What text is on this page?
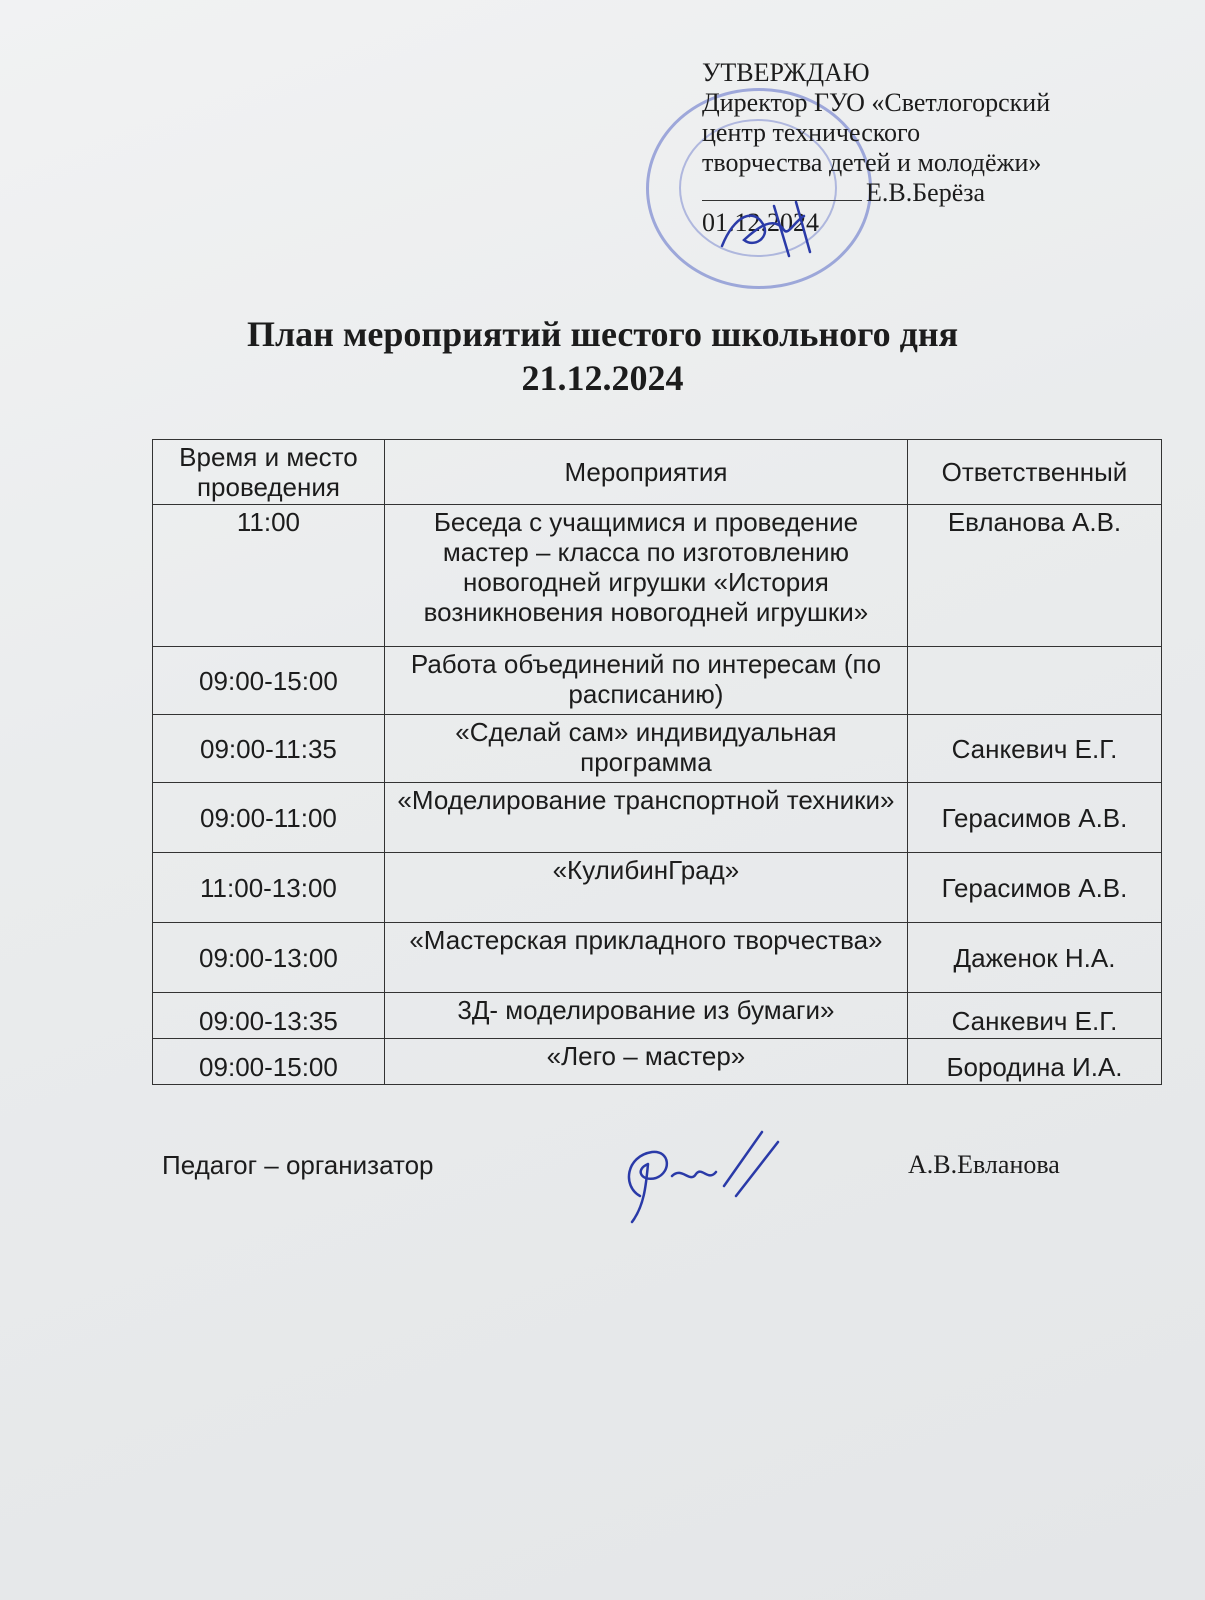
УТВЕРЖДАЮ
Директор ГУО «Светлогорский
центр технического
творчества детей и молодёжи»
Е.В.Берёза
01.12.2024
План мероприятий шестого школьного дня
21.12.2024
Время и место проведения	Мероприятия	Ответственный
11:00	Беседа с учащимися и проведение мастер – класса по изготовлению новогодней игрушки «История возникновения новогодней игрушки»	Евланова А.В.
09:00-15:00	Работа объединений по интересам (по расписанию)	
09:00-11:35	«Сделай сам» индивидуальная программа	Санкевич Е.Г.
09:00-11:00	«Моделирование транспортной техники»	Герасимов А.В.
11:00-13:00	«КулибинГрад»	Герасимов А.В.
09:00-13:00	«Мастерская прикладного творчества»	Даженок Н.А.
09:00-13:35	3Д- моделирование из бумаги»	Санкевич Е.Г.
09:00-15:00	«Лего – мастер»	Бородина И.А.
Педагог – организатор	А.В.Евланова
